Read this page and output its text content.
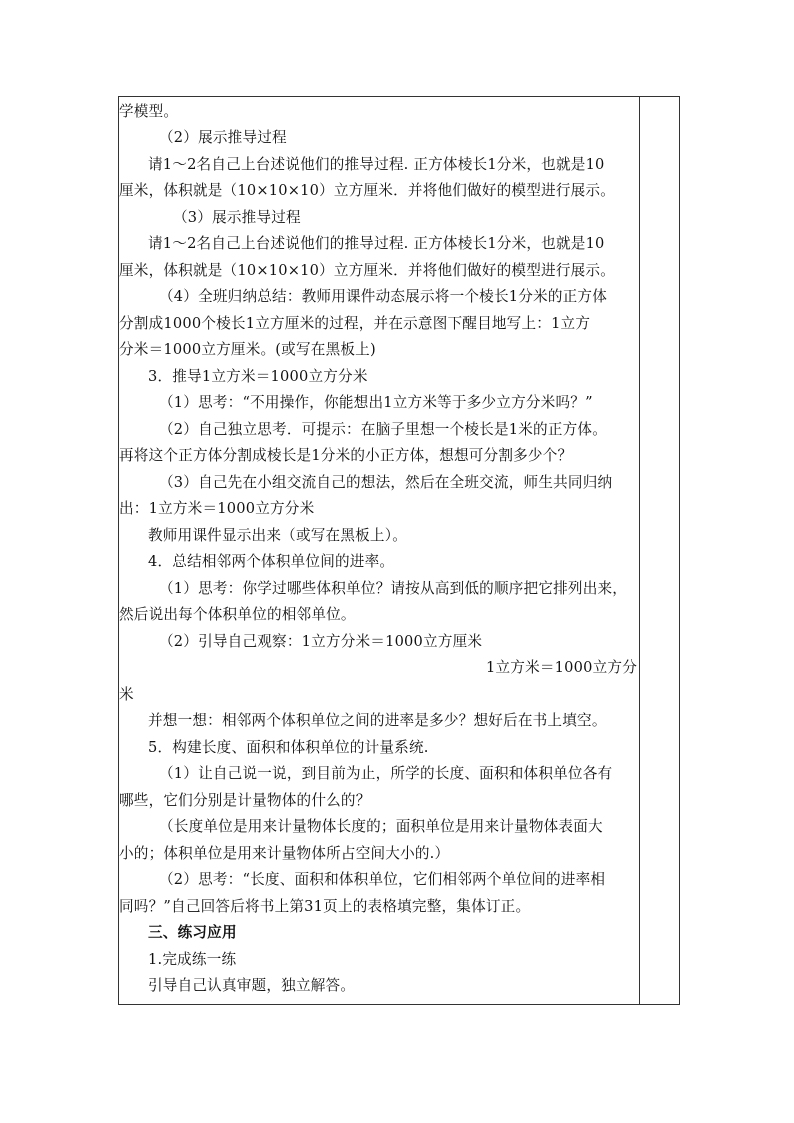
学模型。
（2）展示推导过程
请1～2名自己上台述说他们的推导过程. 正方体棱长1分米，也就是10
厘米，体积就是（10×10×10）立方厘米．并将他们做好的模型进行展示。
（3）展示推导过程
请1～2名自己上台述说他们的推导过程. 正方体棱长1分米，也就是10
厘米，体积就是（10×10×10）立方厘米．并将他们做好的模型进行展示。
（4）全班归纳总结：教师用课件动态展示将一个棱长1分米的正方体
分割成1000个棱长1立方厘米的过程，并在示意图下醒目地写上：1立方
分米＝1000立方厘米。(或写在黑板上)
3．推导1立方米＝1000立方分米
（1）思考：“不用操作，你能想出1立方米等于多少立方分米吗？”
（2）自己独立思考．可提示：在脑子里想一个棱长是1米的正方体。
再将这个正方体分割成棱长是1分米的小正方体，想想可分割多少个？
（3）自己先在小组交流自己的想法，然后在全班交流，师生共同归纳
出：1立方米＝1000立方分米
教师用课件显示出来（或写在黑板上）。
4．总结相邻两个体积单位间的进率。
（1）思考：你学过哪些体积单位？请按从高到低的顺序把它排列出来，
然后说出每个体积单位的相邻单位。
（2）引导自己观察：1立方分米＝1000立方厘米
1立方米＝1000立方分
米
并想一想：相邻两个体积单位之间的进率是多少？想好后在书上填空。
5．构建长度、面积和体积单位的计量系统.
（1）让自己说一说，到目前为止，所学的长度、面积和体积单位各有
哪些，它们分别是计量物体的什么的？
（长度单位是用来计量物体长度的；面积单位是用来计量物体表面大
小的；体积单位是用来计量物体所占空间大小的.）
（2）思考：“长度、面积和体积单位，它们相邻两个单位间的进率相
同吗？”自己回答后将书上第31页上的表格填完整，集体订正。
三、练习应用
1.完成练一练
引导自己认真审题，独立解答。
